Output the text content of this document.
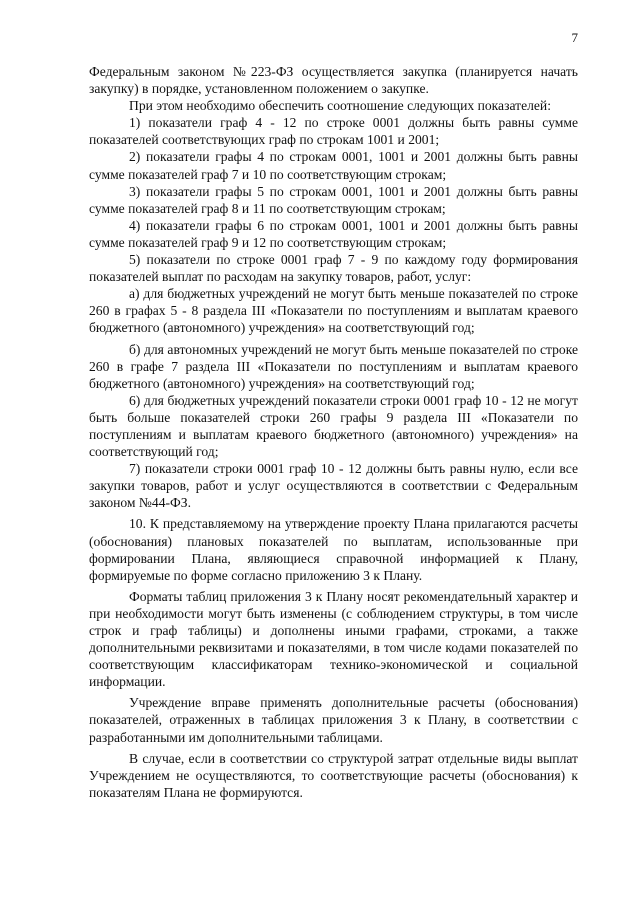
7

Федеральным законом №223-ФЗ осуществляется закупка (планируется начать закупку) в порядке, установленном положением о закупке.

При этом необходимо обеспечить соотношение следующих показателей:

1) показатели граф 4 - 12 по строке 0001 должны быть равны сумме показателей соответствующих граф по строкам 1001 и 2001;

2) показатели графы 4 по строкам 0001, 1001 и 2001 должны быть равны сумме показателей граф 7 и 10 по соответствующим строкам;

3) показатели графы 5 по строкам 0001, 1001 и 2001 должны быть равны сумме показателей граф 8 и 11 по соответствующим строкам;

4) показатели графы 6 по строкам 0001, 1001 и 2001 должны быть равны сумме показателей граф 9 и 12 по соответствующим строкам;

5) показатели по строке 0001 граф 7 - 9 по каждому году формирования показателей выплат по расходам на закупку товаров, работ, услуг:

а) для бюджетных учреждений не могут быть меньше показателей по строке 260 в графах 5 - 8 раздела III «Показатели по поступлениям и выплатам краевого бюджетного (автономного) учреждения» на соответствующий год;

б) для автономных учреждений не могут быть меньше показателей по строке 260 в графе 7 раздела III «Показатели по поступлениям и выплатам краевого бюджетного (автономного) учреждения» на соответствующий год;

6) для бюджетных учреждений показатели строки 0001 граф 10 - 12 не могут быть больше показателей строки 260 графы 9 раздела III «Показатели по поступлениям и выплатам краевого бюджетного (автономного) учреждения» на соответствующий год;

7) показатели строки 0001 граф 10 - 12 должны быть равны нулю, если все закупки товаров, работ и услуг осуществляются в соответствии с Федеральным законом №44-ФЗ.

10. К представляемому на утверждение проекту Плана прилагаются расчеты (обоснования) плановых показателей по выплатам, использованные при формировании Плана, являющиеся справочной информацией к Плану, формируемые по форме согласно приложению 3 к Плану.

Форматы таблиц приложения 3 к Плану носят рекомендательный характер и при необходимости могут быть изменены (с соблюдением структуры, в том числе строк и граф таблицы) и дополнены иными графами, строками, а также дополнительными реквизитами и показателями, в том числе кодами показателей по соответствующим классификаторам технико-экономической и социальной информации.

Учреждение вправе применять дополнительные расчеты (обоснования) показателей, отраженных в таблицах приложения 3 к Плану, в соответствии с разработанными им дополнительными таблицами.

В случае, если в соответствии со структурой затрат отдельные виды выплат Учреждением не осуществляются, то соответствующие расчеты (обоснования) к показателям Плана не формируются.
